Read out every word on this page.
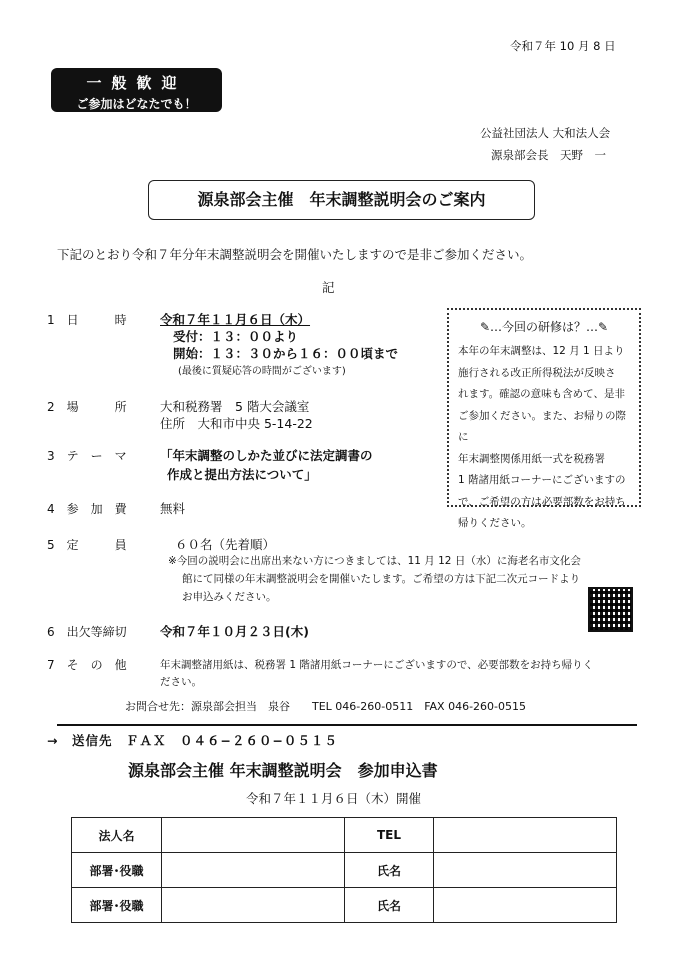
令和７年 10 月 8 日
一般歓迎
ご参加はどなたでも！
公益社団法人 大和法人会
源泉部会長　天野　一
源泉部会主催　年末調整説明会のご案内
下記のとおり令和７年分年末調整説明会を開催いたしますので是非ご参加ください。
記
1　日　　　時	令和７年１１月６日（木）
受付：１３：００より
開始：１３：３０から１６：００頃まで
(最後に質疑応答の時間がございます)
2　場　　　所	大和税務署　5 階大会議室
住所　大和市中央 5-14-22
3　テ　ー　マ	「年末調整のしかた並びに法定調書の
作成と提出方法について」
4　参　加　費	無料
5　定　　　員	６０名（先着順）
※今回の説明会に出席出来ない方につきましては、11 月 12 日（水）に海老名市文化会
館にて同様の年末調整説明会を開催いたします。ご希望の方は下記二次元コードより
お申込みください。
6　出欠等締切	令和７年１０月２３日(木)
7　そ　の　他	年末調整諸用紙は、税務署 1 階諸用紙コーナーにございますので、必要部数をお持ち帰りく
ださい。
✎…今回の研修は？…✎
本年の年末調整は、12 月 1 日より
施行される改正所得税法が反映さ
れます。確認の意味も含めて、是非
ご参加ください。また、お帰りの際に
年末調整関係用紙一式を税務署
1 階諸用紙コーナーにございますの
で、ご希望の方は必要部数をお持ち
帰りください。
お問合せ先：源泉部会担当　泉谷　　TEL 046-260-0511　FAX 046-260-0515
→　送信先　ＦＡＸ　０４６−２６０−０５１５
源泉部会主催 年末調整説明会　参加申込書
令和７年１１月６日（木）開催
法人名		TEL	
部署･役職		氏名	
部署･役職		氏名	
